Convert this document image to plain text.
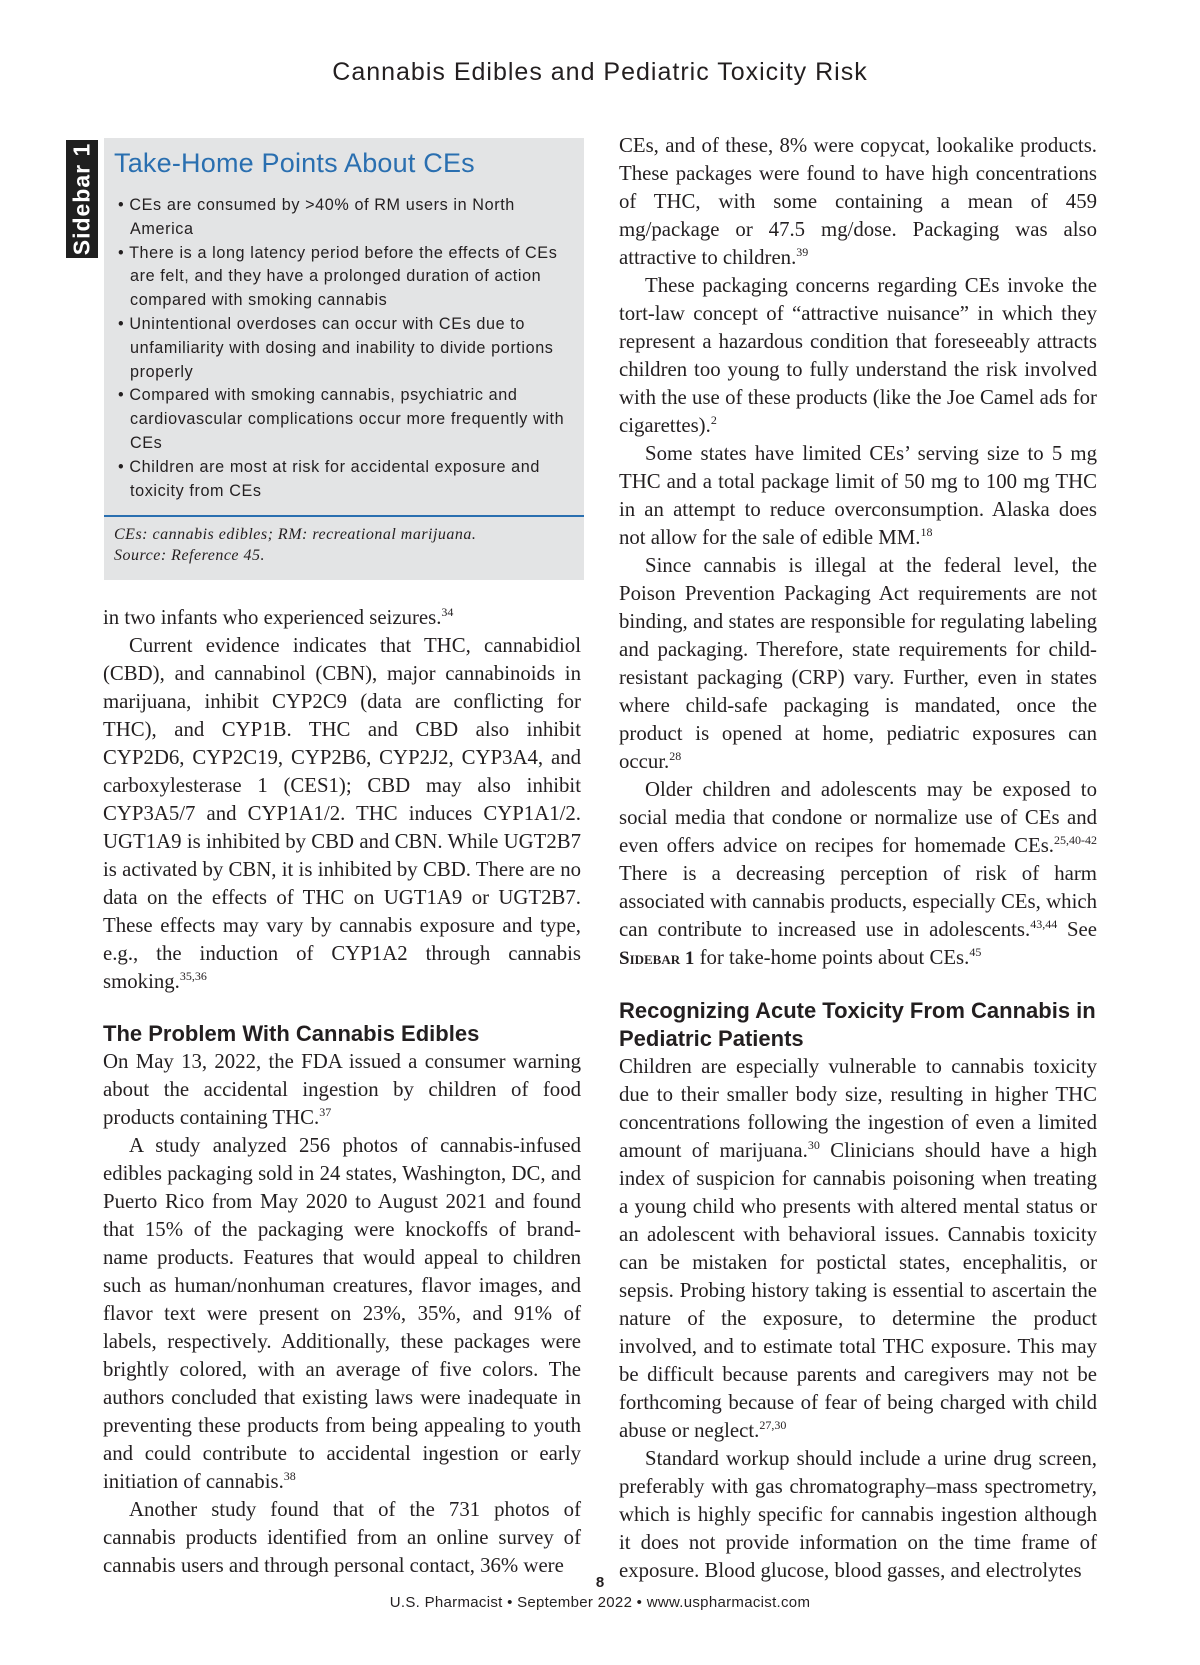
Cannabis Edibles and Pediatric Toxicity Risk
Sidebar 1 Take-Home Points About CEs
• CEs are consumed by >40% of RM users in North America
• There is a long latency period before the effects of CEs are felt, and they have a prolonged duration of action compared with smoking cannabis
• Unintentional overdoses can occur with CEs due to unfamiliarity with dosing and inability to divide portions properly
• Compared with smoking cannabis, psychiatric and cardiovascular complications occur more frequently with CEs
• Children are most at risk for accidental exposure and toxicity from CEs
CEs: cannabis edibles; RM: recreational marijuana.
Source: Reference 45.

in two infants who experienced seizures.$^{34}$

Current evidence indicates that THC, cannabidiol (CBD), and cannabinol (CBN), major cannabinoids in marijuana, inhibit CYP2C9 (data are conflicting for THC), and CYP1B. THC and CBD also inhibit CYP2D6, CYP2C19, CYP2B6, CYP2J2, CYP3A4, and carboxylesterase 1 (CES1); CBD may also inhibit CYP3A5/7 and CYP1A1/2. THC induces CYP1A1/2. UGT1A9 is inhibited by CBD and CBN. While UGT2B7 is activated by CBN, it is inhibited by CBD. There are no data on the effects of THC on UGT1A9 or UGT2B7. These effects may vary by cannabis exposure and type, e.g., the induction of CYP1A2 through cannabis smoking.$^{35,36}$

The Problem With Cannabis Edibles

On May 13, 2022, the FDA issued a consumer warning about the accidental ingestion by children of food products containing THC.$^{37}$

A study analyzed 256 photos of cannabis-infused edibles packaging sold in 24 states, Washington, DC, and Puerto Rico from May 2020 to August 2021 and found that 15% of the packaging were knockoffs of brand-name products. Features that would appeal to children such as human/nonhuman creatures, flavor images, and flavor text were present on 23%, 35%, and 91% of labels, respectively. Additionally, these packages were brightly colored, with an average of five colors. The authors concluded that existing laws were inadequate in preventing these products from being appealing to youth and could contribute to accidental ingestion or early initiation of cannabis.$^{38}$

Another study found that of the 731 photos of cannabis products identified from an online survey of cannabis users and through personal contact, 36% were

CEs, and of these, 8% were copycat, lookalike products. These packages were found to have high concentrations of THC, with some containing a mean of 459 mg/package or 47.5 mg/dose. Packaging was also attractive to children.$^{39}$

These packaging concerns regarding CEs invoke the tort-law concept of “attractive nuisance” in which they represent a hazardous condition that foreseeably attracts children too young to fully understand the risk involved with the use of these products (like the Joe Camel ads for cigarettes).$^2$

Some states have limited CEs’ serving size to 5 mg THC and a total package limit of 50 mg to 100 mg THC in an attempt to reduce overconsumption. Alaska does not allow for the sale of edible MM.$^{18}$

Since cannabis is illegal at the federal level, the Poison Prevention Packaging Act requirements are not binding, and states are responsible for regulating labeling and packaging. Therefore, state requirements for child-resistant packaging (CRP) vary. Further, even in states where child-safe packaging is mandated, once the product is opened at home, pediatric exposures can occur.$^{28}$

Older children and adolescents may be exposed to social media that condone or normalize use of CEs and even offers advice on recipes for homemade CEs.$^{25,40-42}$ There is a decreasing perception of risk of harm associated with cannabis products, especially CEs, which can contribute to increased use in adolescents.$^{43,44}$ See Sidebar 1 for take-home points about CEs.$^{45}$

Recognizing Acute Toxicity From Cannabis in Pediatric Patients

Children are especially vulnerable to cannabis toxicity due to their smaller body size, resulting in higher THC concentrations following the ingestion of even a limited amount of marijuana.$^{30}$ Clinicians should have a high index of suspicion for cannabis poisoning when treating a young child who presents with altered mental status or an adolescent with behavioral issues. Cannabis toxicity can be mistaken for postictal states, encephalitis, or sepsis. Probing history taking is essential to ascertain the nature of the exposure, to determine the product involved, and to estimate total THC exposure. This may be difficult because parents and caregivers may not be forthcoming because of fear of being charged with child abuse or neglect.$^{27,30}$

Standard workup should include a urine drug screen, preferably with gas chromatography–mass spectrometry, which is highly specific for cannabis ingestion although it does not provide information on the time frame of exposure. Blood glucose, blood gasses, and electrolytes

8
U.S. Pharmacist • September 2022 • www.uspharmacist.com
